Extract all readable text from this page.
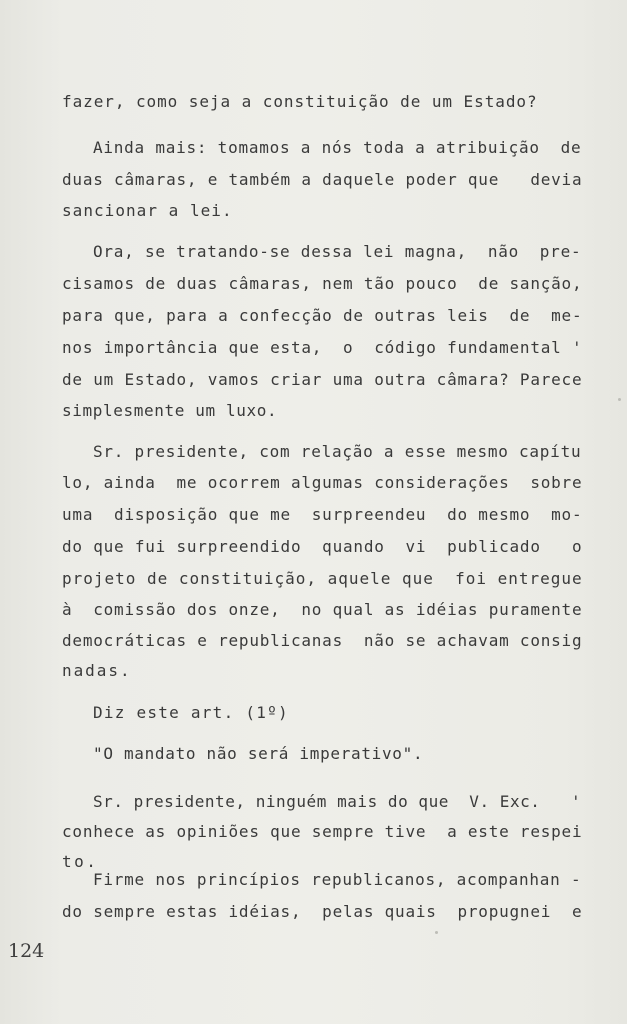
fazer, como seja a constituição de um Estado?
Ainda mais: tomamos a nós toda a atribuição  de
duas câmaras, e também a daquele poder que   devia
sancionar a lei.
Ora, se tratando-se dessa lei magna,  não  pre-
cisamos de duas câmaras, nem tão pouco  de sanção,
para que, para a confecção de outras leis  de  me-
nos importância que esta,  o  código fundamental '
de um Estado, vamos criar uma outra câmara? Parece
simplesmente um luxo.
Sr. presidente, com relação a esse mesmo capítu
lo, ainda  me ocorrem algumas considerações  sobre
uma  disposição que me  surpreendeu  do mesmo  mo-
do que fui surpreendido  quando  vi  publicado   o
projeto de constituição, aquele que  foi entregue
à  comissão dos onze,  no qual as idéias puramente
democráticas e republicanas  não se achavam consig
nadas.
Diz este art. (1º)
"O mandato não será imperativo".
Sr. presidente, ninguém mais do que  V. Exc.   '
conhece as opiniões que sempre tive  a este respei
to.
Firme nos princípios republicanos, acompanhan -
do sempre estas idéias,  pelas quais  propugnei  e
124
